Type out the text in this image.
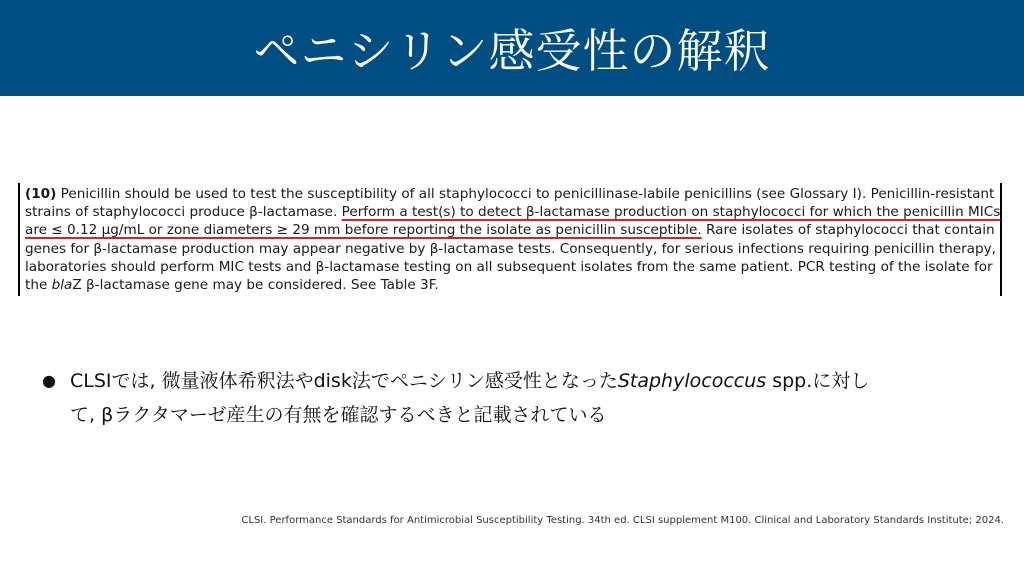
ペニシリン感受性の解釈
(10) Penicillin should be used to test the susceptibility of all staphylococci to penicillinase-labile penicillins (see Glossary I). Penicillin-resistant
strains of staphylococci produce β-lactamase. Perform a test(s) to detect β-lactamase production on staphylococci for which the penicillin MICs
are ≤ 0.12 μg/mL or zone diameters ≥ 29 mm before reporting the isolate as penicillin susceptible. Rare isolates of staphylococci that contain
genes for β-lactamase production may appear negative by β-lactamase tests. Consequently, for serious infections requiring penicillin therapy,
laboratories should perform MIC tests and β-lactamase testing on all subsequent isolates from the same patient. PCR testing of the isolate for
the blaZ β-lactamase gene may be considered. See Table 3F.
● CLSIでは, 微量液体希釈法やdisk法でペニシリン感受性となったStaphylococcus spp.に対し
て, βラクタマーゼ産生の有無を確認するべきと記載されている
CLSI. Performance Standards for Antimicrobial Susceptibility Testing. 34th ed. CLSI supplement M100. Clinical and Laboratory Standards Institute; 2024.
